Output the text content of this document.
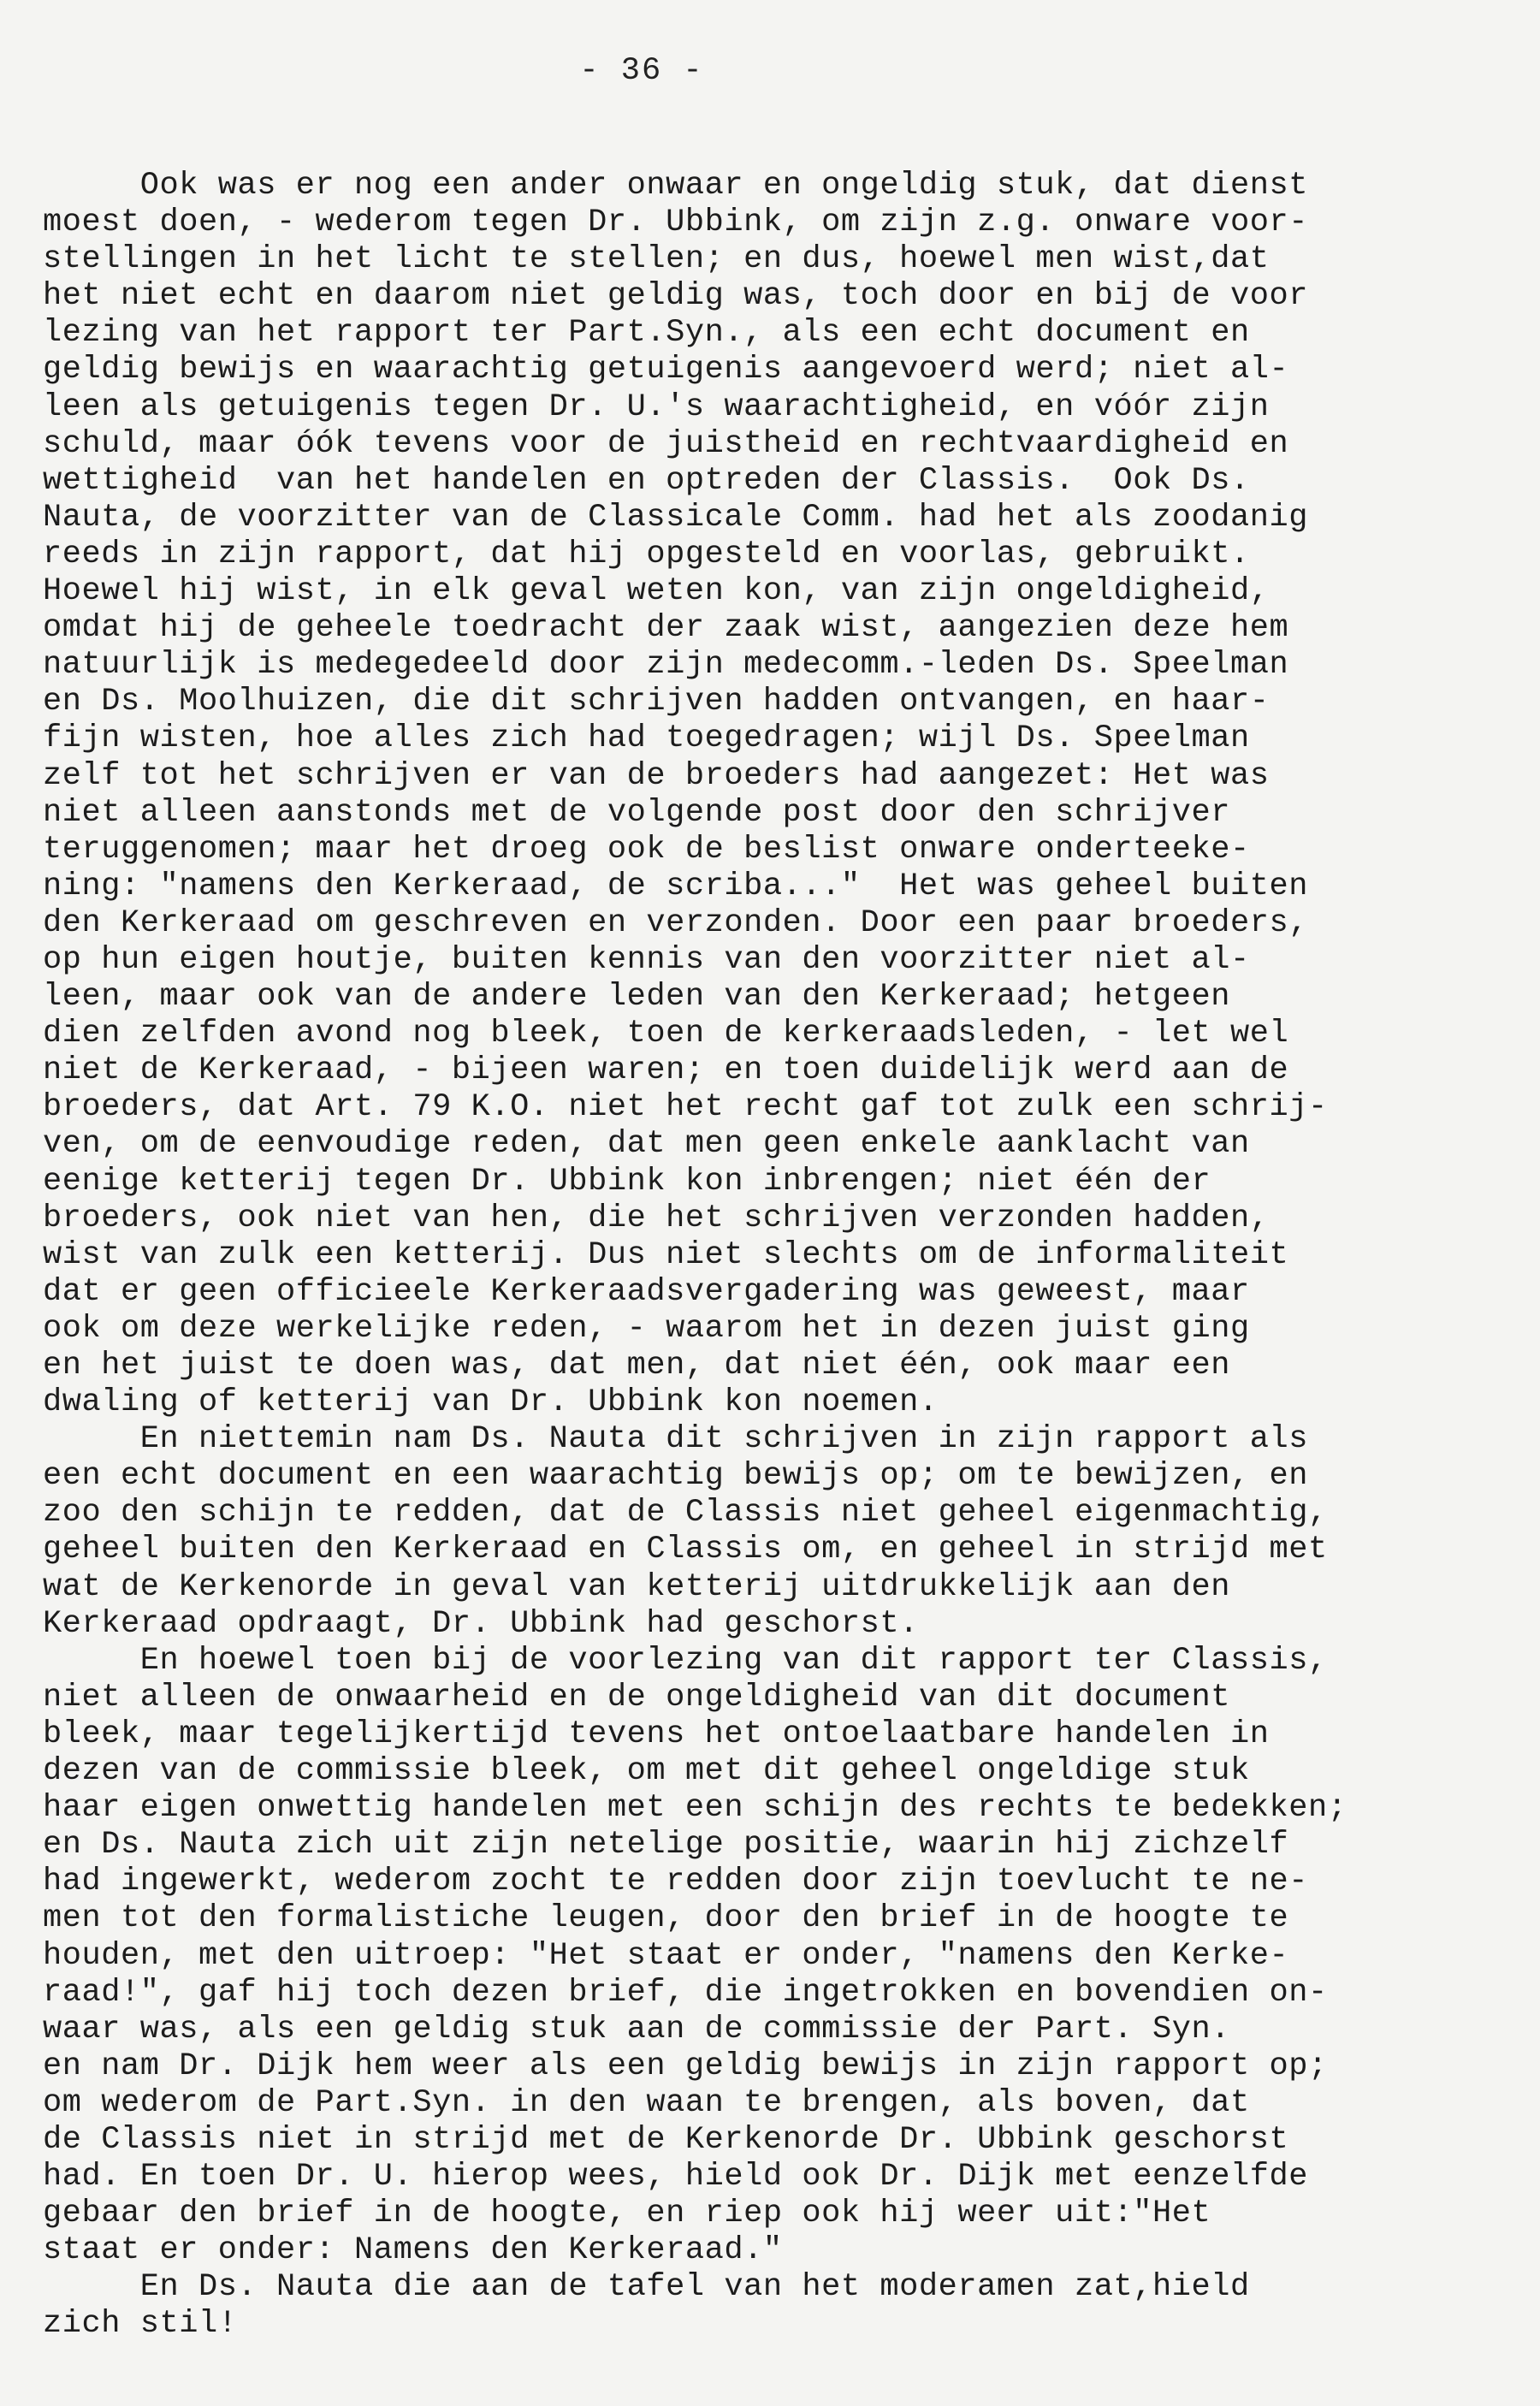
- 36 -
Ook was er nog een ander onwaar en ongeldig stuk, dat dienst
moest doen, - wederom tegen Dr. Ubbink, om zijn z.g. onware voor-
stellingen in het licht te stellen; en dus, hoewel men wist,dat
het niet echt en daarom niet geldig was, toch door en bij de voor
lezing van het rapport ter Part.Syn., als een echt document en
geldig bewijs en waarachtig getuigenis aangevoerd werd; niet al-
leen als getuigenis tegen Dr. U.'s waarachtigheid, en vóór zijn
schuld, maar óók tevens voor de juistheid en rechtvaardigheid en
wettigheid  van het handelen en optreden der Classis.  Ook Ds.
Nauta, de voorzitter van de Classicale Comm. had het als zoodanig
reeds in zijn rapport, dat hij opgesteld en voorlas, gebruikt.
Hoewel hij wist, in elk geval weten kon, van zijn ongeldigheid,
omdat hij de geheele toedracht der zaak wist, aangezien deze hem
natuurlijk is medegedeeld door zijn medecomm.-leden Ds. Speelman
en Ds. Moolhuizen, die dit schrijven hadden ontvangen, en haar-
fijn wisten, hoe alles zich had toegedragen; wijl Ds. Speelman
zelf tot het schrijven er van de broeders had aangezet: Het was
niet alleen aanstonds met de volgende post door den schrijver
teruggenomen; maar het droeg ook de beslist onware onderteeke-
ning: "namens den Kerkeraad, de scriba..."  Het was geheel buiten
den Kerkeraad om geschreven en verzonden. Door een paar broeders,
op hun eigen houtje, buiten kennis van den voorzitter niet al-
leen, maar ook van de andere leden van den Kerkeraad; hetgeen
dien zelfden avond nog bleek, toen de kerkeraadsleden, - let wel
niet de Kerkeraad, - bijeen waren; en toen duidelijk werd aan de
broeders, dat Art. 79 K.O. niet het recht gaf tot zulk een schrij-
ven, om de eenvoudige reden, dat men geen enkele aanklacht van
eenige ketterij tegen Dr. Ubbink kon inbrengen; niet één der
broeders, ook niet van hen, die het schrijven verzonden hadden,
wist van zulk een ketterij. Dus niet slechts om de informaliteit
dat er geen officieele Kerkeraadsvergadering was geweest, maar
ook om deze werkelijke reden, - waarom het in dezen juist ging
en het juist te doen was, dat men, dat niet één, ook maar een
dwaling of ketterij van Dr. Ubbink kon noemen.
En niettemin nam Ds. Nauta dit schrijven in zijn rapport als
een echt document en een waarachtig bewijs op; om te bewijzen, en
zoo den schijn te redden, dat de Classis niet geheel eigenmachtig,
geheel buiten den Kerkeraad en Classis om, en geheel in strijd met
wat de Kerkenorde in geval van ketterij uitdrukkelijk aan den
Kerkeraad opdraagt, Dr. Ubbink had geschorst.
En hoewel toen bij de voorlezing van dit rapport ter Classis,
niet alleen de onwaarheid en de ongeldigheid van dit document
bleek, maar tegelijkertijd tevens het ontoelaatbare handelen in
dezen van de commissie bleek, om met dit geheel ongeldige stuk
haar eigen onwettig handelen met een schijn des rechts te bedekken;
en Ds. Nauta zich uit zijn netelige positie, waarin hij zichzelf
had ingewerkt, wederom zocht te redden door zijn toevlucht te ne-
men tot den formalistiche leugen, door den brief in de hoogte te
houden, met den uitroep: "Het staat er onder, "namens den Kerke-
raad!", gaf hij toch dezen brief, die ingetrokken en bovendien on-
waar was, als een geldig stuk aan de commissie der Part. Syn.
en nam Dr. Dijk hem weer als een geldig bewijs in zijn rapport op;
om wederom de Part.Syn. in den waan te brengen, als boven, dat
de Classis niet in strijd met de Kerkenorde Dr. Ubbink geschorst
had. En toen Dr. U. hierop wees, hield ook Dr. Dijk met eenzelfde
gebaar den brief in de hoogte, en riep ook hij weer uit:"Het
staat er onder: Namens den Kerkeraad."
En Ds. Nauta die aan de tafel van het moderamen zat,hield
zich stil!
